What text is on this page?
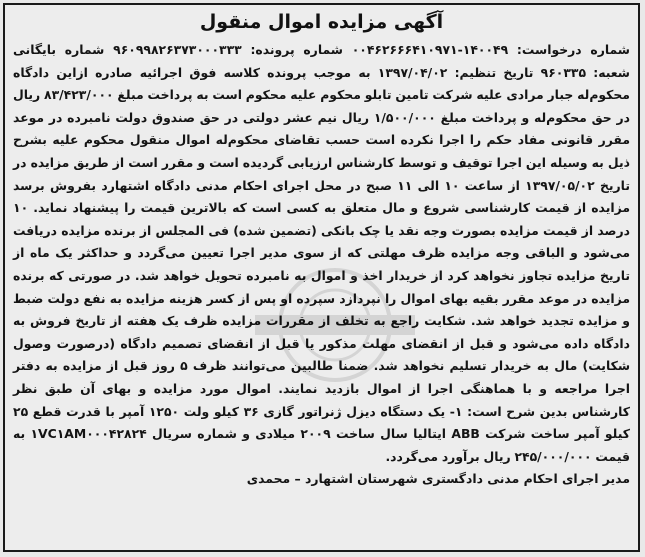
آگهی مزایده اموال منقول
شماره درخواست: ۱۴۰۰۴۹-۰۰۴۶۲۶۶۶۴۱۰۹۷۱ شماره پرونده: ۹۶۰۹۹۸۲۶۳۷۳۰۰۰۳۳۳ شماره بایگانی شعبه: ۹۶۰۳۳۵ تاریخ تنظیم: ۱۳۹۷/۰۴/۰۲ به موجب پرونده کلاسه فوق اجرائیه صادره ازاین دادگاه محکوم‌له جبار مرادی علیه شرکت تامین تابلو محکوم علیه محکوم است به پرداخت مبلغ ۸۳/۴۲۳/۰۰۰ ریال در حق محکوم‌له و پرداخت مبلغ ۱/۵۰۰/۰۰۰ ریال نیم عشر دولتی در حق صندوق دولت نامبرده در موعد مقرر قانونی مفاد حکم را اجرا نکرده است حسب تقاضای محکوم‌له اموال منقول محکوم علیه بشرح ذیل به وسیله این اجرا توقیف و توسط کارشناس ارزیابی گردیده است و مقرر است از طریق مزایده در تاریخ ۱۳۹۷/۰۵/۰۲ از ساعت ۱۰ الی ۱۱ صبح در محل اجرای احکام مدنی دادگاه اشتهارد بفروش برسد مزایده از قیمت کارشناسی شروع و مال متعلق به کسی است که بالاترین قیمت را پیشنهاد نماید. ۱۰ درصد از قیمت مزایده بصورت وجه نقد یا چک بانکی (تضمین شده) فی المجلس از برنده مزایده دریافت می‌شود و الباقی وجه مزایده ظرف مهلتی که از سوی مدیر اجرا تعیین می‌گردد و حداکثر یک ماه از تاریخ مزایده تجاوز نخواهد کرد از خریدار اخذ و اموال به نامبرده تحویل خواهد شد. در صورتی که برنده مزایده در موعد مقرر بقیه بهای اموال را نپردازد سپرده او پس از کسر هزینه مزایده به نفع دولت ضبط و مزایده تجدید خواهد شد. شکایت راجع به تخلف از مقررات مزایده ظرف یک هفته از تاریخ فروش به دادگاه داده می‌شود و قبل از انقضای مهلت مذکور یا قبل از انقضای تصمیم دادگاه (درصورت وصول شکایت) مال به خریدار تسلیم نخواهد شد. ضمنا طالبین می‌توانند ظرف ۵ روز قبل از مزایده به دفتر اجرا مراجعه و با هماهنگی اجرا از اموال بازدید نمایند. اموال مورد مزایده و بهای آن طبق نظر کارشناس بدین شرح است: ۱- یک دستگاه دیزل ژنراتور گازی ۳۶ کیلو ولت ۱۲۵۰ آمپر با قدرت قطع ۲۵ کیلو آمپر ساخت شرکت ABB ایتالیا سال ساخت ۲۰۰۹ میلادی و شماره سریال ۱VC۱AM۰۰۰۴۲۸۲۴ به قیمت ۲۴۵/۰۰۰/۰۰۰ ریال برآورد می‌گردد.
مدیر اجرای احکام مدنی دادگستری شهرستان اشتهارد – محمدی
